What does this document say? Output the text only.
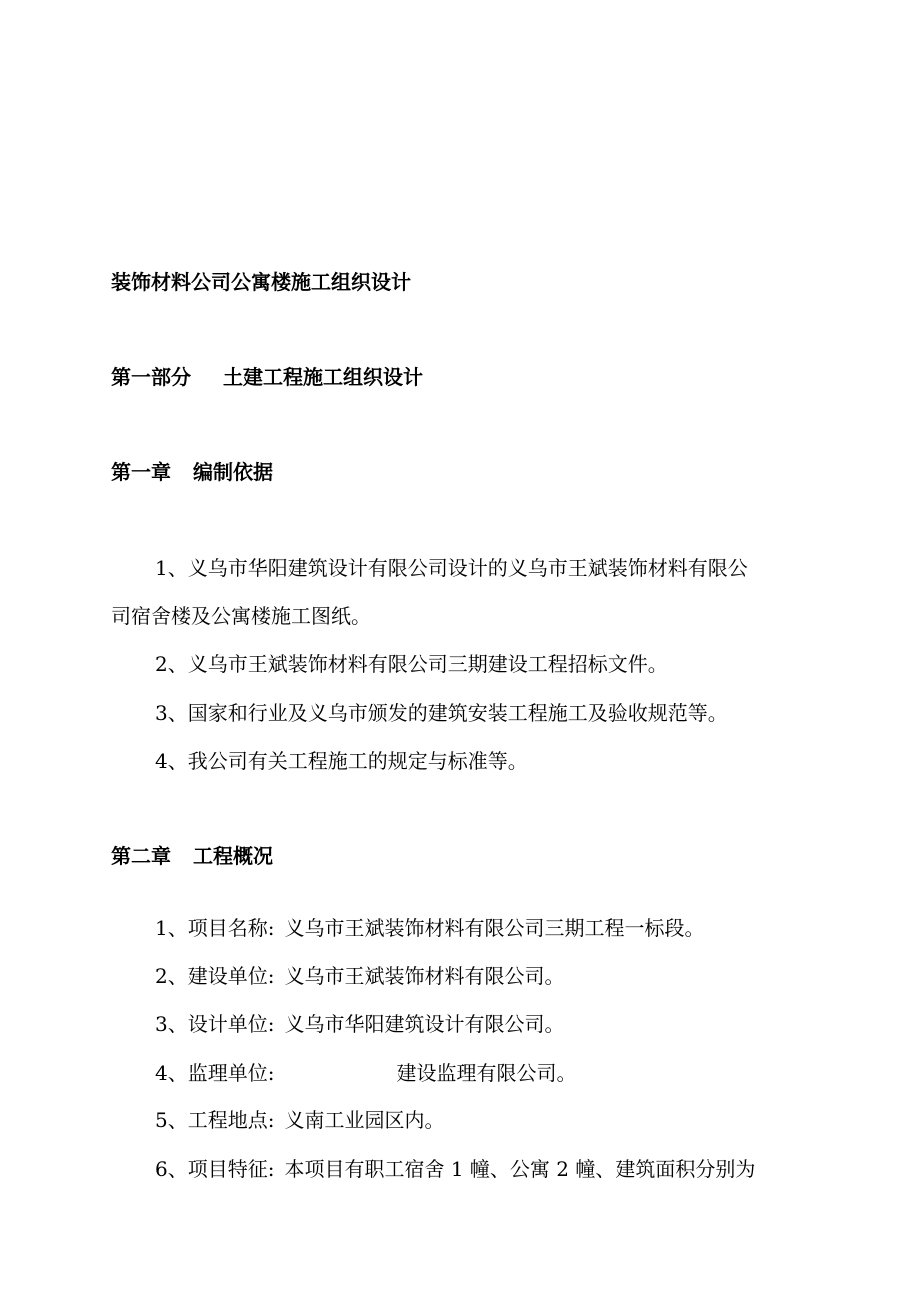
装饰材料公司公寓楼施工组织设计
第一部分 土建工程施工组织设计
第一章 编制依据
1、义乌市华阳建筑设计有限公司设计的义乌市王斌装饰材料有限公
司宿舍楼及公寓楼施工图纸。
2、义乌市王斌装饰材料有限公司三期建设工程招标文件。
3、国家和行业及义乌市颁发的建筑安装工程施工及验收规范等。
4、我公司有关工程施工的规定与标准等。
第二章 工程概况
1、项目名称: 义乌市王斌装饰材料有限公司三期工程一标段。
2、建设单位: 义乌市王斌装饰材料有限公司。
3、设计单位: 义乌市华阳建筑设计有限公司。
4、监理单位:	建设监理有限公司。
5、工程地点: 义南工业园区内。
6、项目特征: 本项目有职工宿舍 1 幢、公寓 2 幢、建筑面积分别为
